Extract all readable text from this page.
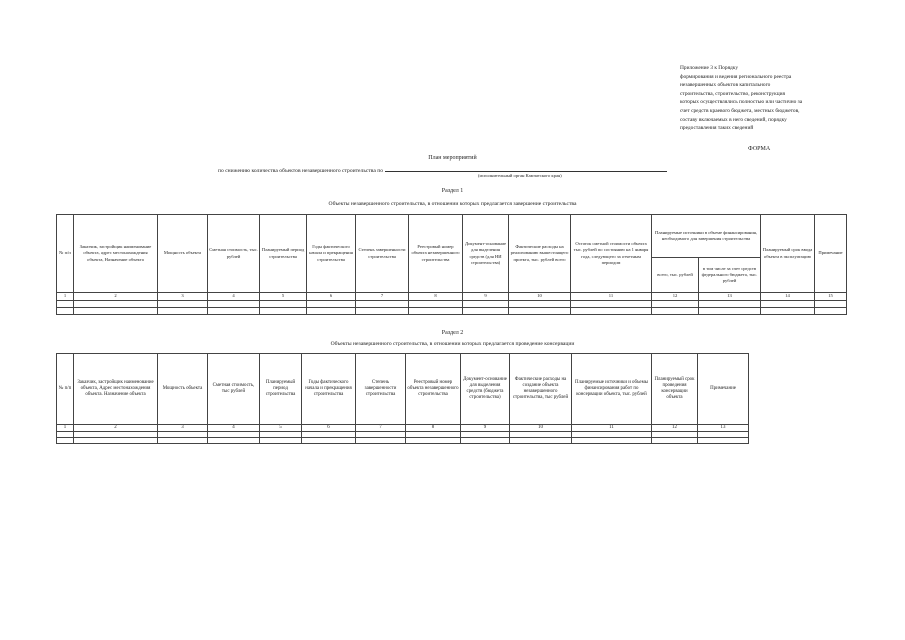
Приложение 3 к Порядку
формирования и ведения регионального реестра
незавершенных объектов капитального
строительства, строительство, реконструкция
которых осуществлялись полностью или частично за
счет средств краевого бюджета, местных бюджетов,
составу включаемых в него сведений, порядку
предоставления таких сведений
ФОРМА
План мероприятий
по снижению количества объектов незавершенного строительства по
(исполнительный орган Камчатского края)
Раздел 1
Объекты незавершенного строительства, в отношении которых предлагается завершение строительства
№ п/п	Заказчик, застройщик наименование объекта, адрес местонахождения объекта, Назначение объекта	Мощность объекта	Сметная стоимость, тыс. рублей	Планируемый период строительства	Годы фактического начала и прекращения строительства	Степень завершенности строительства	Реестровый номер объекта незавершенного строительства	Документ-основание для выделения средств (для НИ строительства)	Фактические расходы на реализованию вышестоящего проекта, тыс. рублей всего	Остаток сметной стоимости объекта тыс. рублей по состоянию на 1 января года, следующего за отчетным периодом	Планируемые источники в объеме финансирования, необходимого для завершения строительства		Планируемый срок ввода объекта в эксплуатацию	Примечание
											всего, тыс. рублей	в том числе за счет средств федерального бюджета, тыс. рублей		
1	2	3	4	5	6	7	8	9	10	11	12	13	14	15

Раздел 2
Объекты незавершенного строительства, в отношении которых предлагается проведение консервации
№ п/п	Заказчик, застройщик наименование объекта, Адрес местонахождения объекта. Назначение объекта	Мощность объекта	Сметная стоимость, тыс рублей	Планируемый период строительства	Годы фактического начала и прекращения строительства	Степень завершенности строительства	Реестровый номер объекта незавершенного строительства	Документ-основание для выделения средств (бюджета строительства)	Фактические расходы на создание объекта незавершенного строительства, тыс рублей	Планируемые источники и объемы финансирования работ по консервации объекта, тыс. рублей	Планируемый срок проведения консервации объекта	Примечание
1	2	3	4	5	6	7	8	9	10	11	12	13
